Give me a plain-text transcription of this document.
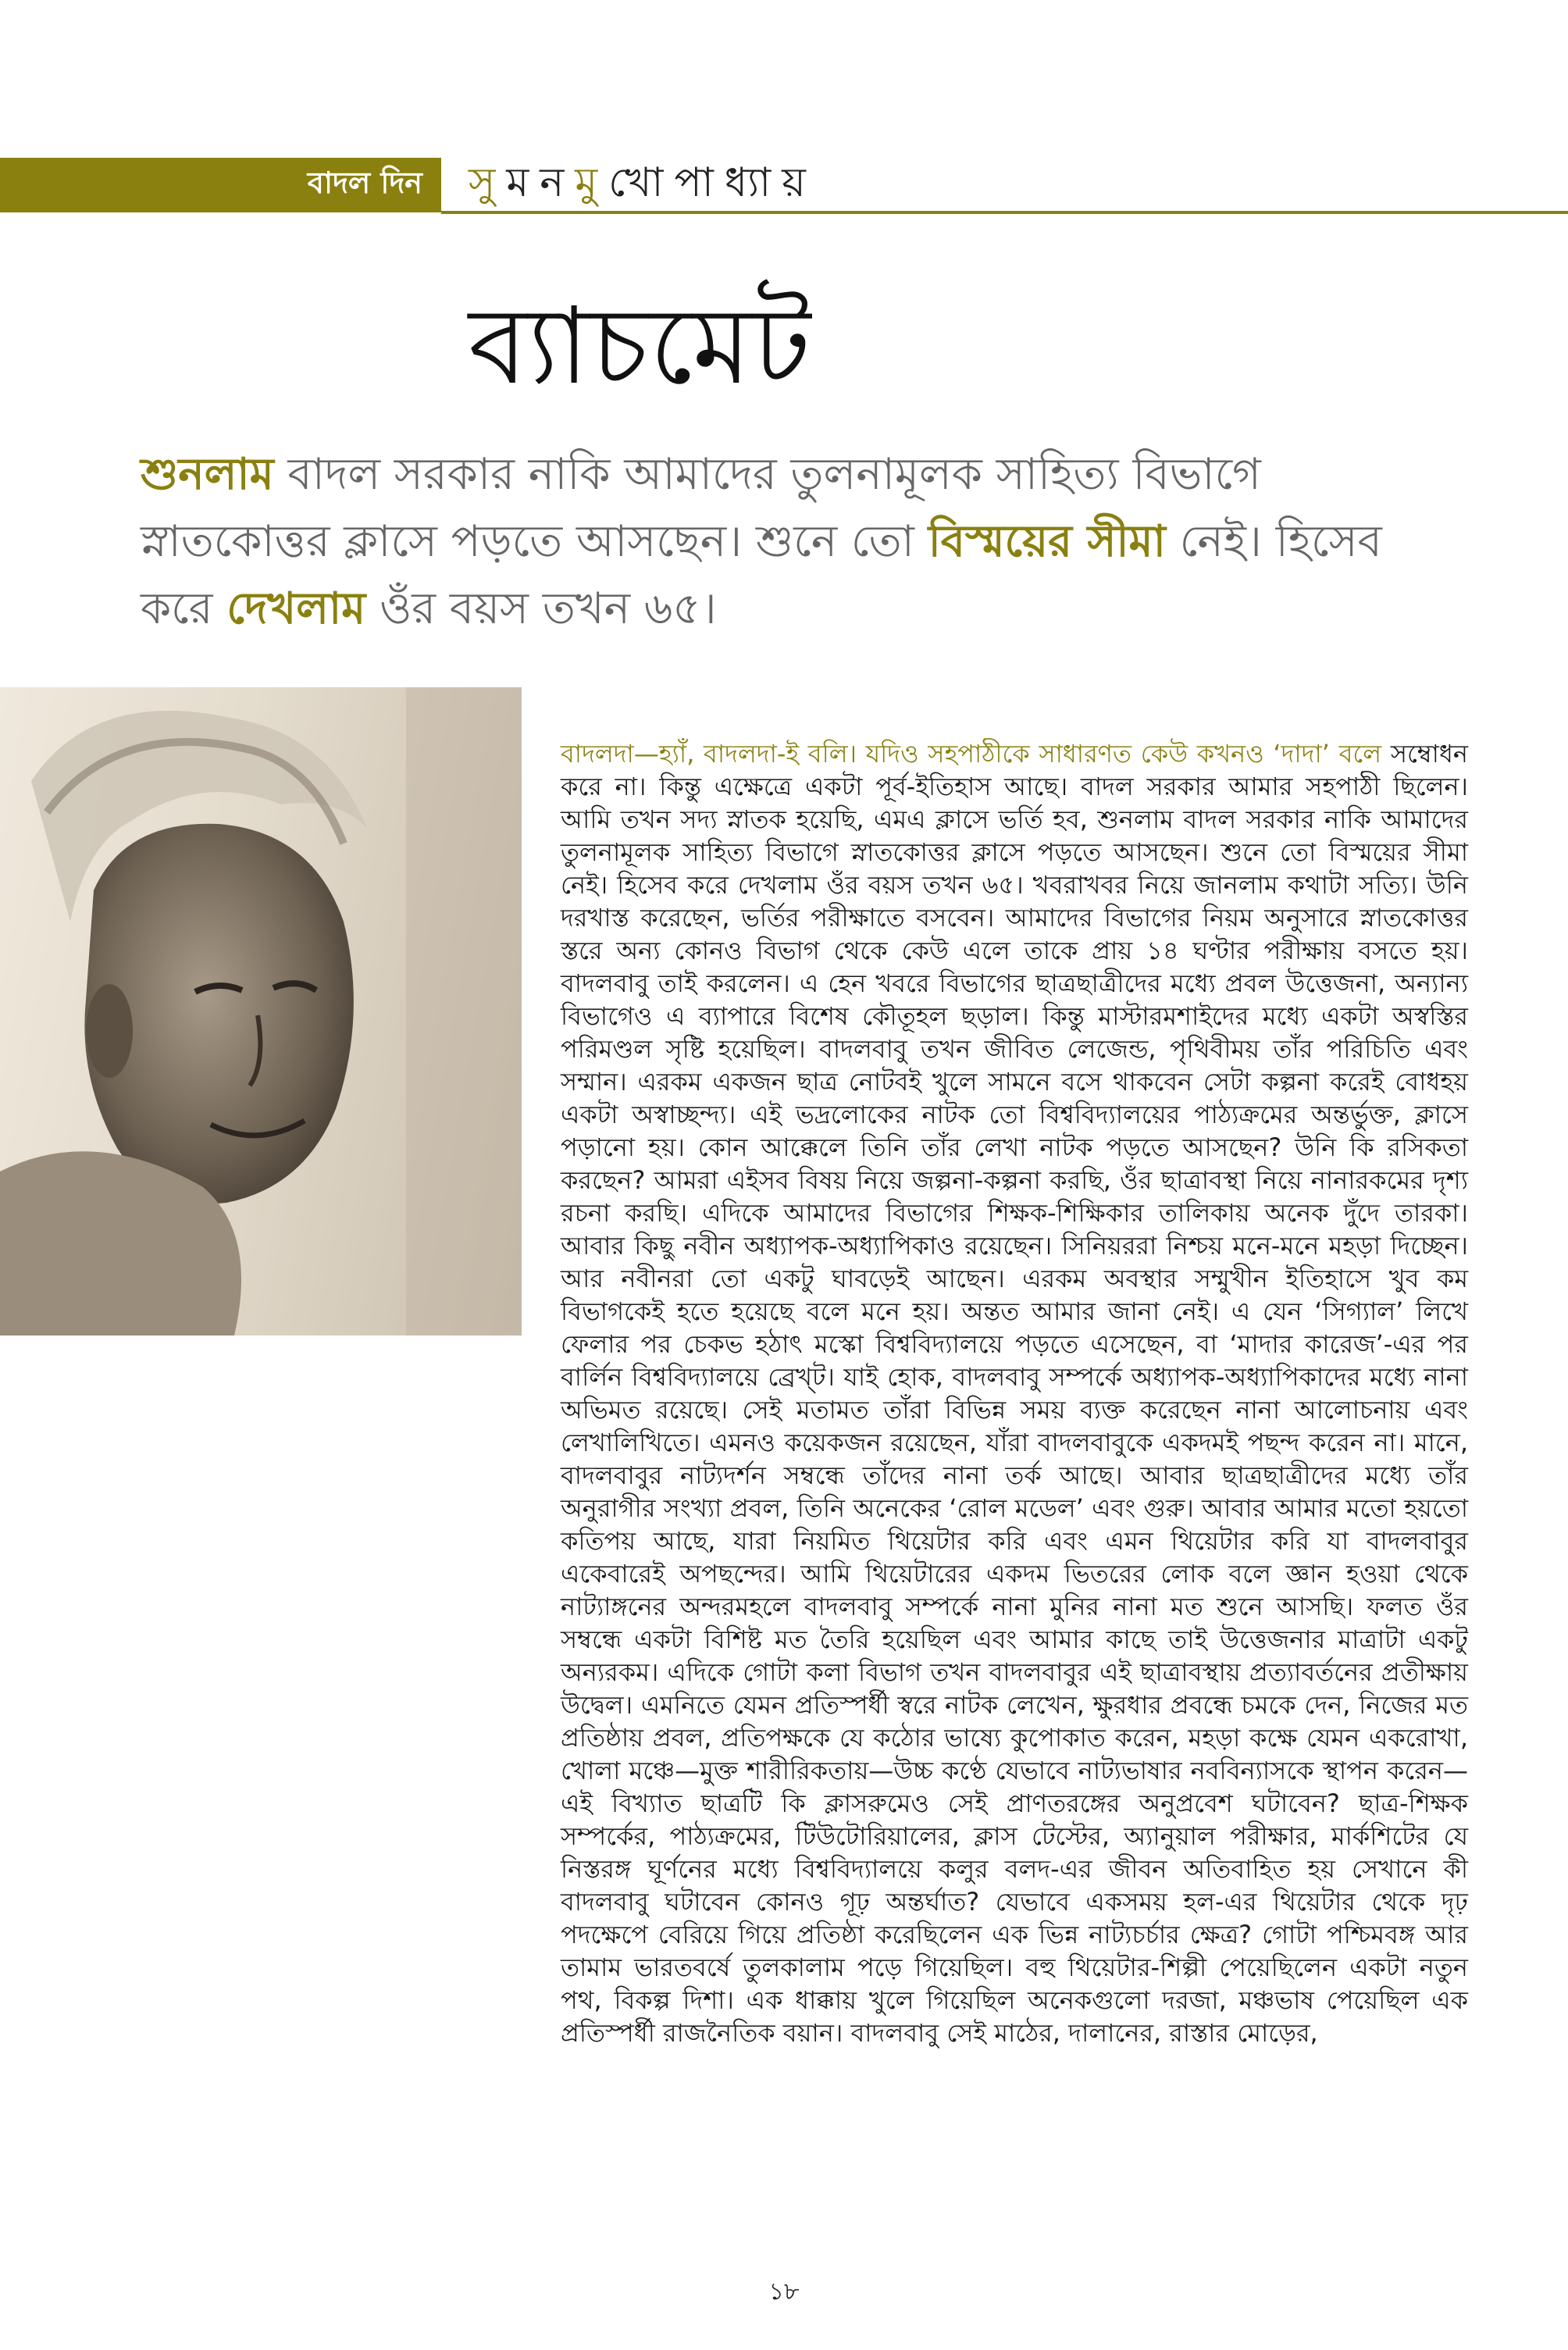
বাদল দিন সু ম ন মু খো পা ধ্যা য়
ব্যাচমেট
শুনলাম বাদল সরকার নাকি আমাদের তুলনামূলক সাহিত্য বিভাগে স্নাতকোত্তর ক্লাসে পড়তে আসছেন। শুনে তো বিস্ময়ের সীমা নেই। হিসেব করে দেখলাম ওঁর বয়স তখন ৬৫।

বাদলদা—হ্যাঁ, বাদলদা-ই বলি। যদিও সহপাঠীকে সাধারণত কেউ কখনও ‘দাদা’ বলে সম্বোধন করে না। কিন্তু এক্ষেত্রে একটা পূর্ব-ইতিহাস আছে। বাদল সরকার আমার সহপাঠী ছিলেন। আমি তখন সদ্য স্নাতক হয়েছি, এমএ ক্লাসে ভর্তি হব, শুনলাম বাদল সরকার নাকি আমাদের তুলনামূলক সাহিত্য বিভাগে স্নাতকোত্তর ক্লাসে পড়তে আসছেন। শুনে তো বিস্ময়ের সীমা নেই। হিসেব করে দেখলাম ওঁর বয়স তখন ৬৫। খবরাখবর নিয়ে জানলাম কথাটা সত্যি। উনি দরখাস্ত করেছেন, ভর্তির পরীক্ষাতে বসবেন। আমাদের বিভাগের নিয়ম অনুসারে স্নাতকোত্তর স্তরে অন্য কোনও বিভাগ থেকে কেউ এলে তাকে প্রায় ১৪ ঘণ্টার পরীক্ষায় বসতে হয়। বাদলবাবু তাই করলেন। এ হেন খবরে বিভাগের ছাত্রছাত্রীদের মধ্যে প্রবল উত্তেজনা, অন্যান্য বিভাগেও এ ব্যাপারে বিশেষ কৌতূহল ছড়াল। কিন্তু মাস্টারমশাইদের মধ্যে একটা অস্বস্তির পরিমণ্ডল সৃষ্টি হয়েছিল। বাদলবাবু তখন জীবিত লেজেন্ড, পৃথিবীময় তাঁর পরিচিতি এবং সম্মান। এরকম একজন ছাত্র নোটবই খুলে সামনে বসে থাকবেন সেটা কল্পনা করেই বোধহয় একটা অস্বাচ্ছন্দ্য। এই ভদ্রলোকের নাটক তো বিশ্ববিদ্যালয়ের পাঠ্যক্রমের অন্তর্ভুক্ত, ক্লাসে পড়ানো হয়। কোন আক্কেলে তিনি তাঁর লেখা নাটক পড়তে আসছেন? উনি কি রসিকতা করছেন? আমরা এইসব বিষয় নিয়ে জল্পনা-কল্পনা করছি, ওঁর ছাত্রাবস্থা নিয়ে নানারকমের দৃশ্য রচনা করছি। এদিকে আমাদের বিভাগের শিক্ষক-শিক্ষিকার তালিকায় অনেক দুঁদে তারকা। আবার কিছু নবীন অধ্যাপক-অধ্যাপিকাও রয়েছেন। সিনিয়ররা নিশ্চয় মনে-মনে মহড়া দিচ্ছেন। আর নবীনরা তো একটু ঘাবড়েই আছেন। এরকম অবস্থার সম্মুখীন ইতিহাসে খুব কম বিভাগকেই হতে হয়েছে বলে মনে হয়। অন্তত আমার জানা নেই। এ যেন ‘সিগ্যাল’ লিখে ফেলার পর চেকভ হঠাৎ মস্কো বিশ্ববিদ্যালয়ে পড়তে এসেছেন, বা ‘মাদার কারেজ’-এর পর বার্লিন বিশ্ববিদ্যালয়ে ব্রেখ্‌ট। যাই হোক, বাদলবাবু সম্পর্কে অধ্যাপক-অধ্যাপিকাদের মধ্যে নানা অভিমত রয়েছে। সেই মতামত তাঁরা বিভিন্ন সময় ব্যক্ত করেছেন নানা আলোচনায় এবং লেখালিখিতে। এমনও কয়েকজন রয়েছেন, যাঁরা বাদলবাবুকে একদমই পছন্দ করেন না। মানে, বাদলবাবুর নাট্যদর্শন সম্বন্ধে তাঁদের নানা তর্ক আছে। আবার ছাত্রছাত্রীদের মধ্যে তাঁর অনুরাগীর সংখ্যা প্রবল, তিনি অনেকের ‘রোল মডেল’ এবং গুরু। আবার আমার মতো হয়তো কতিপয় আছে, যারা নিয়মিত থিয়েটার করি এবং এমন থিয়েটার করি যা বাদলবাবুর একেবারেই অপছন্দের। আমি থিয়েটারের একদম ভিতরের লোক বলে জ্ঞান হওয়া থেকে নাট্যাঙ্গনের অন্দরমহলে বাদলবাবু সম্পর্কে নানা মুনির নানা মত শুনে আসছি। ফলত ওঁর সম্বন্ধে একটা বিশিষ্ট মত তৈরি হয়েছিল এবং আমার কাছে তাই উত্তেজনার মাত্রাটা একটু অন্যরকম। এদিকে গোটা কলা বিভাগ তখন বাদলবাবুর এই ছাত্রাবস্থায় প্রত্যাবর্তনের প্রতীক্ষায় উদ্বেল। এমনিতে যেমন প্রতিস্পর্ধী স্বরে নাটক লেখেন, ক্ষুরধার প্রবন্ধে চমকে দেন, নিজের মত প্রতিষ্ঠায় প্রবল, প্রতিপক্ষকে যে কঠোর ভাষ্যে কুপোকাত করেন, মহড়া কক্ষে যেমন একরোখা, খোলা মঞ্চে—মুক্ত শারীরিকতায়—উচ্চ কণ্ঠে যেভাবে নাট্যভাষার নববিন্যাসকে স্থাপন করেন—এই বিখ্যাত ছাত্রটি কি ক্লাসরুমেও সেই প্রাণতরঙ্গের অনুপ্রবেশ ঘটাবেন? ছাত্র-শিক্ষক সম্পর্কের, পাঠ্যক্রমের, টিউটোরিয়ালের, ক্লাস টেস্টের, অ্যানুয়াল পরীক্ষার, মার্কশিটের যে নিস্তরঙ্গ ঘূর্ণনের মধ্যে বিশ্ববিদ্যালয়ে কলুর বলদ-এর জীবন অতিবাহিত হয় সেখানে কী বাদলবাবু ঘটাবেন কোনও গূঢ় অন্তর্ঘাত? যেভাবে একসময় হল-এর থিয়েটার থেকে দৃঢ় পদক্ষেপে বেরিয়ে গিয়ে প্রতিষ্ঠা করেছিলেন এক ভিন্ন নাট্যচর্চার ক্ষেত্র? গোটা পশ্চিমবঙ্গ আর তামাম ভারতবর্ষে তুলকালাম পড়ে গিয়েছিল। বহু থিয়েটার-শিল্পী পেয়েছিলেন একটা নতুন পথ, বিকল্প দিশা। এক ধাক্কায় খুলে গিয়েছিল অনেকগুলো দরজা, মঞ্চভাষ পেয়েছিল এক প্রতিস্পর্ধী রাজনৈতিক বয়ান। বাদলবাবু সেই মাঠের, দালানের, রাস্তার মোড়ের,

১৮
